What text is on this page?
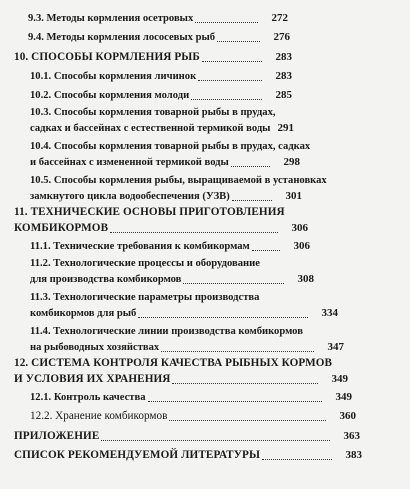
9.3. Методы кормления осетровых	272
9.4. Методы кормления лососевых рыб	276
10. СПОСОБЫ КОРМЛЕНИЯ РЫБ	283
10.1. Способы кормления личинок	283
10.2. Способы кормления молоди	285
10.3. Способы кормления товарной рыбы в прудах,
садках и бассейнах с естественной термикой воды 291
10.4. Способы кормления товарной рыбы в прудах, садках
и бассейнах с измененной термикой воды	298
10.5. Способы кормления рыбы, выращиваемой в установках
замкнутого цикла водообеспечения (УЗВ)	301
11. ТЕХНИЧЕСКИЕ ОСНОВЫ ПРИГОТОВЛЕНИЯ
КОМБИКОРМОВ	306
11.1. Технические требования к комбикормам	306
11.2. Технологические процессы и оборудование
для производства комбикормов	308
11.3. Технологические параметры производства
комбикормов для рыб	334
11.4. Технологические линии производства комбикормов
на рыбоводных хозяйствах	347
12. СИСТЕМА КОНТРОЛЯ КАЧЕСТВА РЫБНЫХ КОРМОВ
И УСЛОВИЯ ИХ ХРАНЕНИЯ	349
12.1. Контроль качества	349
12.2. Хранение комбикормов	360
ПРИЛОЖЕНИЕ	363
СПИСОК РЕКОМЕНДУЕМОЙ ЛИТЕРАТУРЫ	383
